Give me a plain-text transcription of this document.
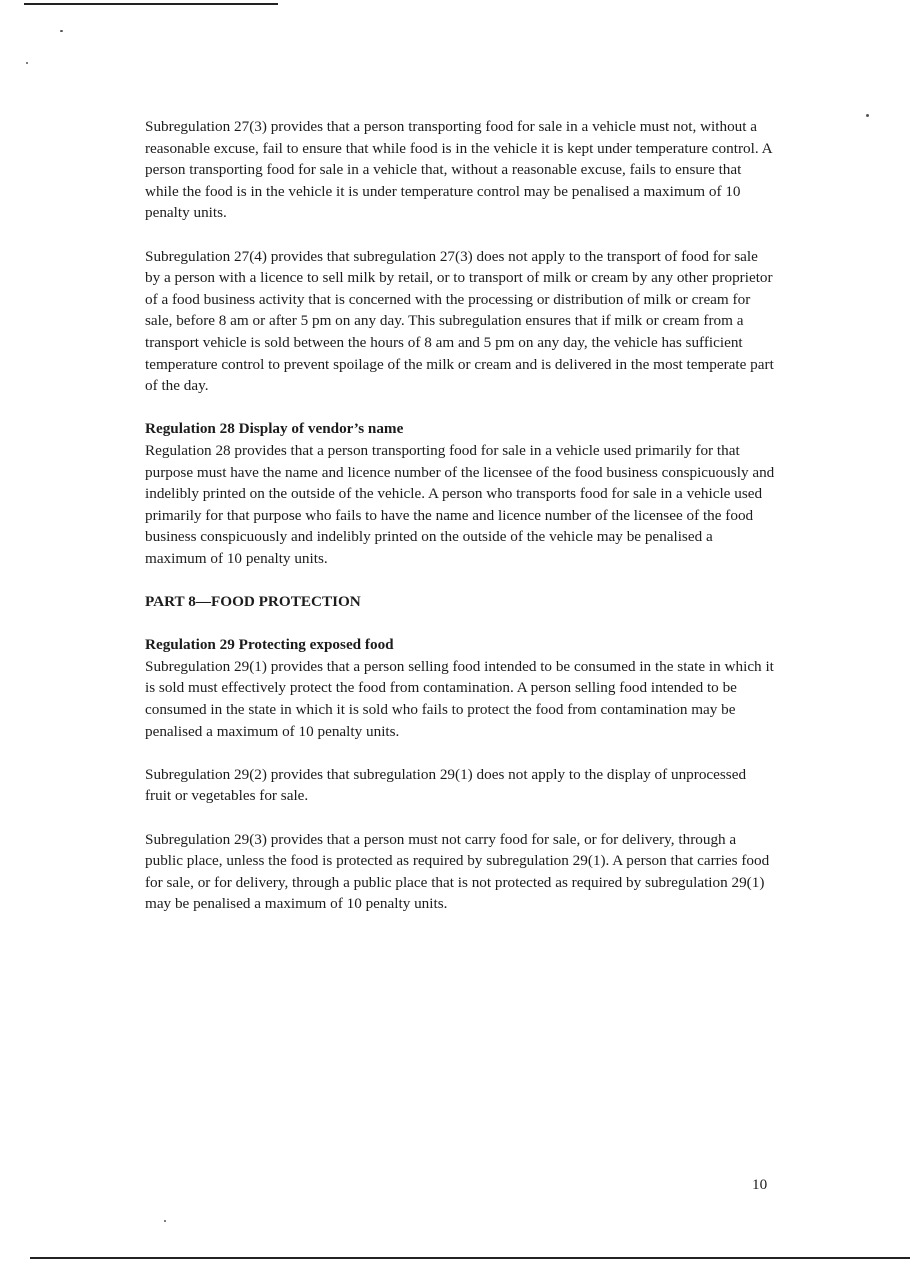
Subregulation 27(3) provides that a person transporting food for sale in a vehicle must not, without a reasonable excuse, fail to ensure that while food is in the vehicle it is kept under temperature control. A person transporting food for sale in a vehicle that, without a reasonable excuse, fails to ensure that while the food is in the vehicle it is under temperature control may be penalised a maximum of 10 penalty units.

Subregulation 27(4) provides that subregulation 27(3) does not apply to the transport of food for sale by a person with a licence to sell milk by retail, or to transport of milk or cream by any other proprietor of a food business activity that is concerned with the processing or distribution of milk or cream for sale, before 8 am or after 5 pm on any day. This subregulation ensures that if milk or cream from a transport vehicle is sold between the hours of 8 am and 5 pm on any day, the vehicle has sufficient temperature control to prevent spoilage of the milk or cream and is delivered in the most temperate part of the day.

Regulation 28 Display of vendor’s name

Regulation 28 provides that a person transporting food for sale in a vehicle used primarily for that purpose must have the name and licence number of the licensee of the food business conspicuously and indelibly printed on the outside of the vehicle. A person who transports food for sale in a vehicle used primarily for that purpose who fails to have the name and licence number of the licensee of the food business conspicuously and indelibly printed on the outside of the vehicle may be penalised a maximum of 10 penalty units.

PART 8—FOOD PROTECTION

Regulation 29 Protecting exposed food

Subregulation 29(1) provides that a person selling food intended to be consumed in the state in which it is sold must effectively protect the food from contamination. A person selling food intended to be consumed in the state in which it is sold who fails to protect the food from contamination may be penalised a maximum of 10 penalty units.

Subregulation 29(2) provides that subregulation 29(1) does not apply to the display of unprocessed fruit or vegetables for sale.

Subregulation 29(3) provides that a person must not carry food for sale, or for delivery, through a public place, unless the food is protected as required by subregulation 29(1). A person that carries food for sale, or for delivery, through a public place that is not protected as required by subregulation 29(1) may be penalised a maximum of 10 penalty units.

10
